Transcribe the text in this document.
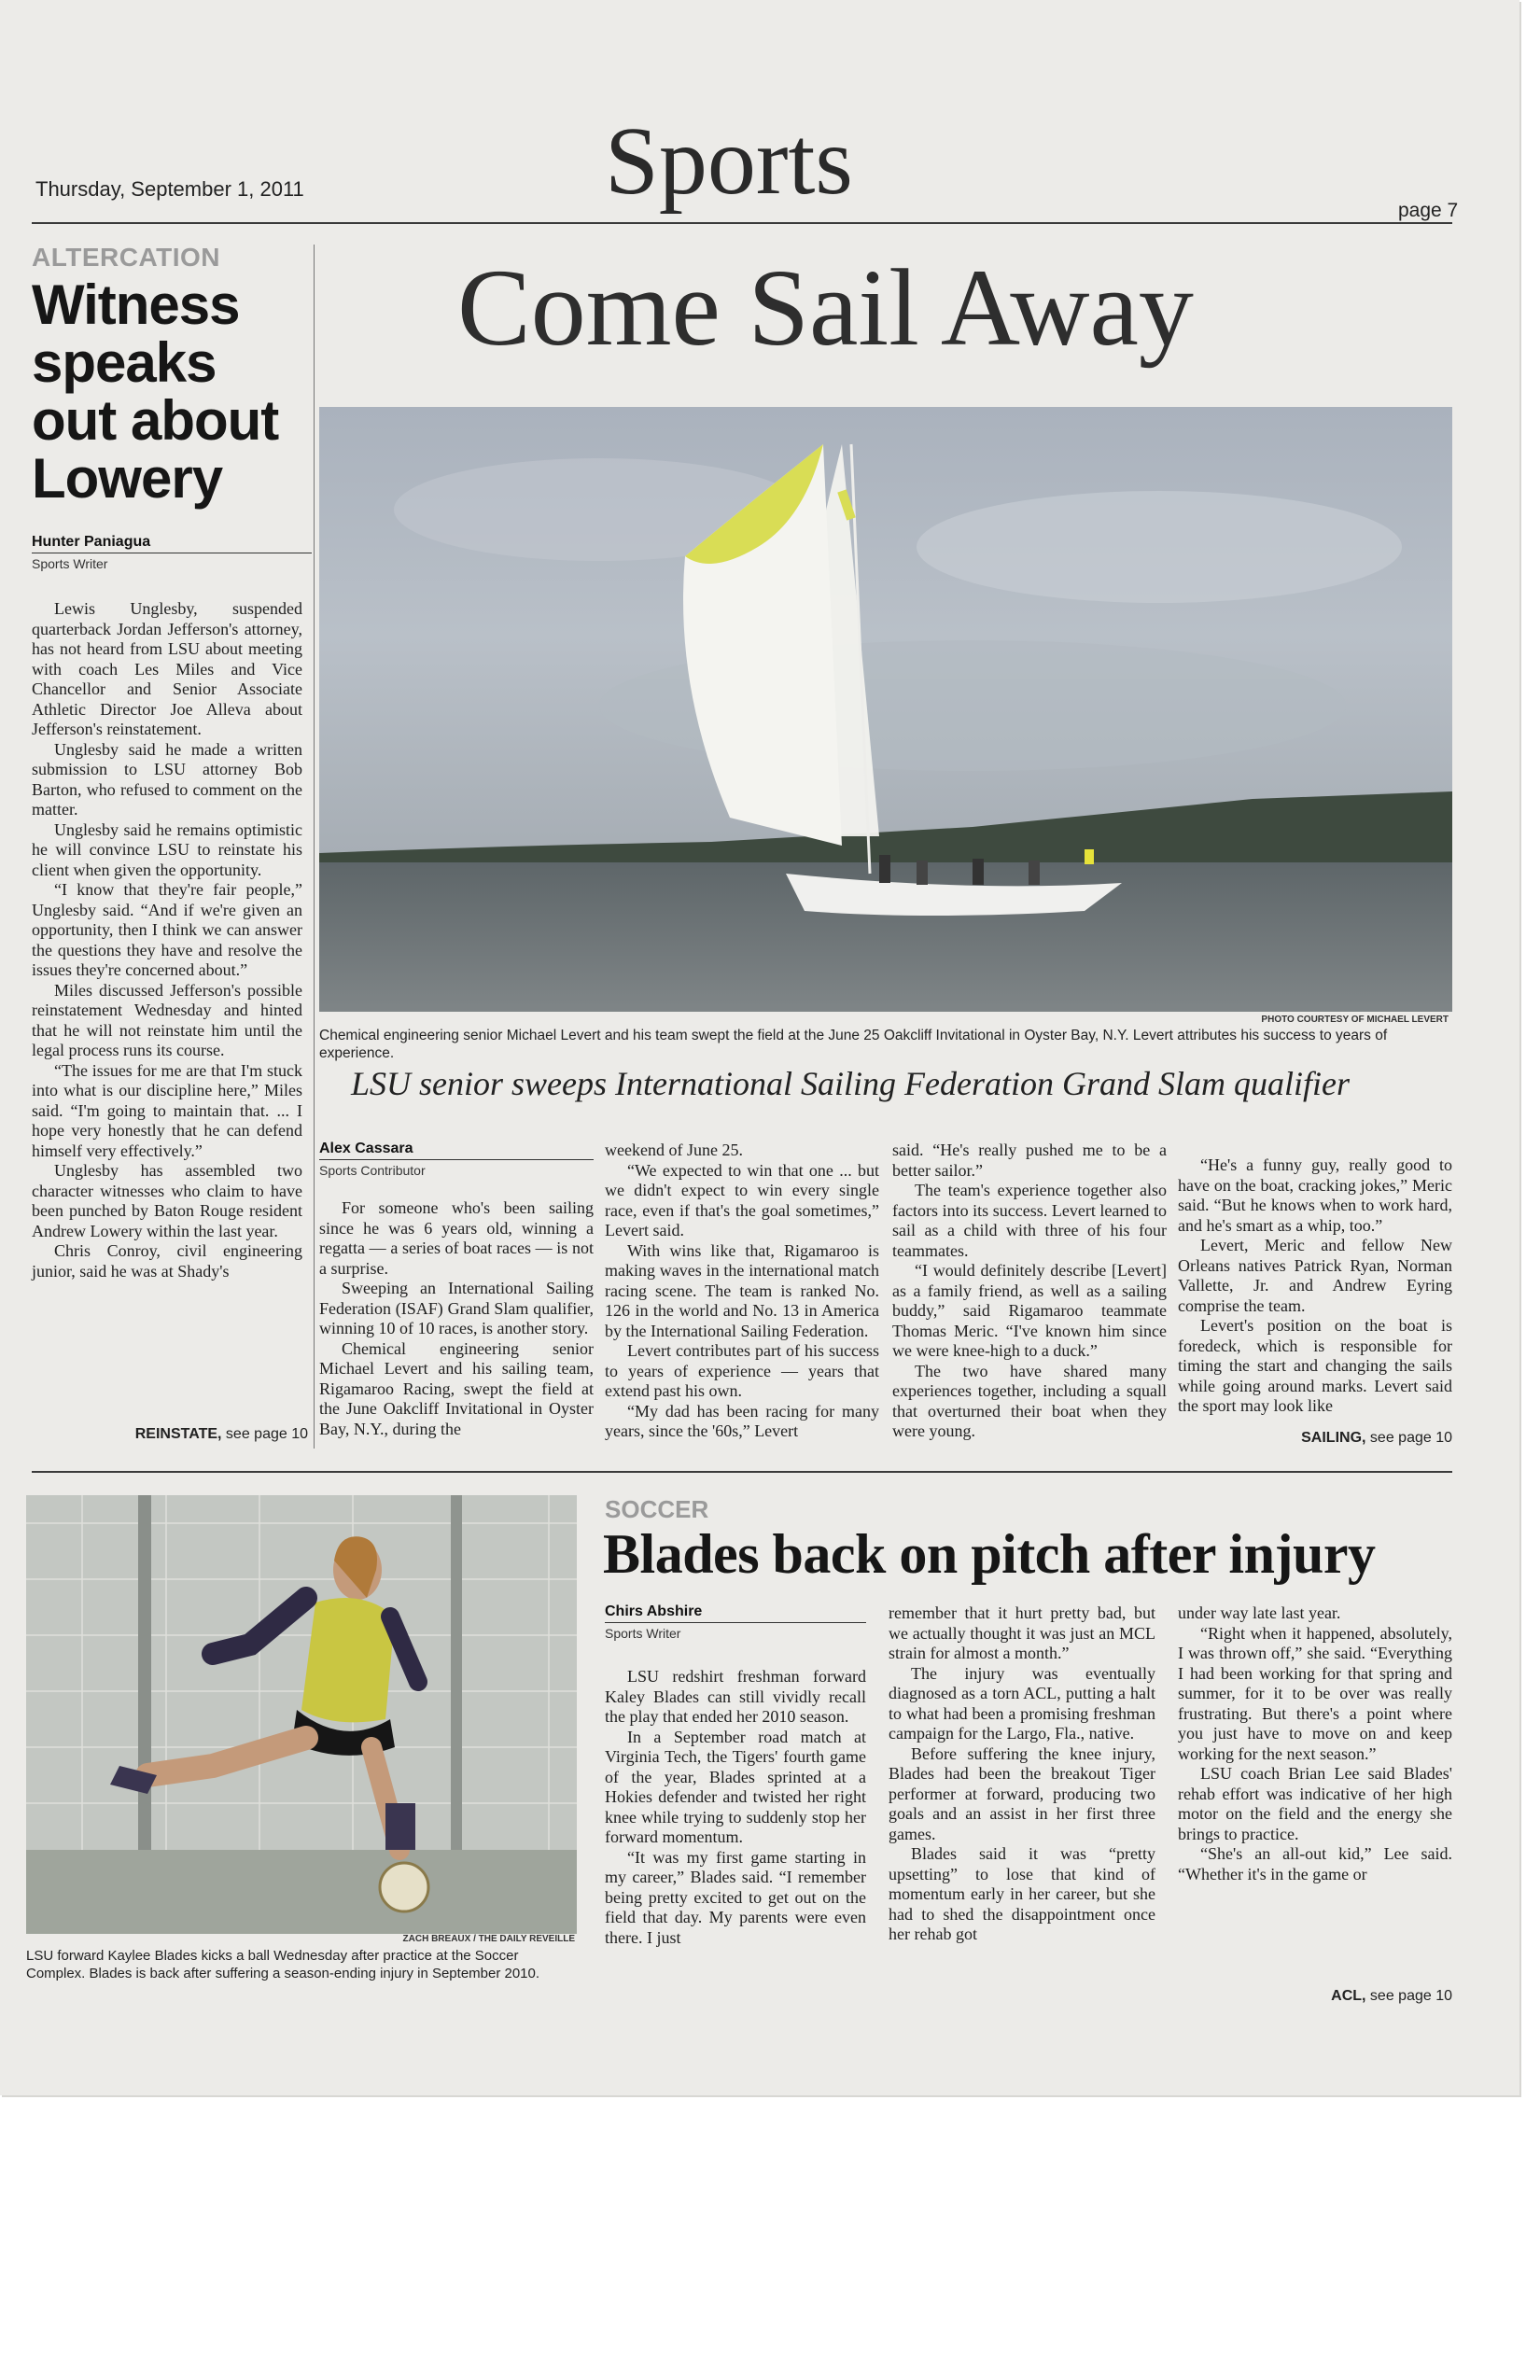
Thursday, September 1, 2011	Sports	page 7
ALTERCATION
Witness
speaks
out about
Lowery
Hunter Paniagua
Sports Writer

Lewis Unglesby, suspended quarterback Jordan Jefferson's attorney, has not heard from LSU about meeting with coach Les Miles and Vice Chancellor and Senior Associate Athletic Director Joe Alleva about Jefferson's reinstatement.

Unglesby said he made a written submission to LSU attorney Bob Barton, who refused to comment on the matter.

Unglesby said he remains optimistic he will convince LSU to reinstate his client when given the opportunity.

“I know that they're fair people,” Unglesby said. “And if we're given an opportunity, then I think we can answer the questions they have and resolve the issues they're concerned about.”

Miles discussed Jefferson's possible reinstatement Wednesday and hinted that he will not reinstate him until the legal process runs its course.

“The issues for me are that I'm stuck into what is our discipline here,” Miles said. “I'm going to maintain that. ... I hope very honestly that he can defend himself very effectively.”

Unglesby has assembled two character witnesses who claim to have been punched by Baton Rouge resident Andrew Lowery within the last year.

Chris Conroy, civil engineering junior, said he was at Shady's

REINSTATE, see page 10
Come Sail Away
PHOTO COURTESY OF MICHAEL LEVERT
Chemical engineering senior Michael Levert and his team swept the field at the June 25 Oakcliff Invitational in Oyster Bay, N.Y. Levert attributes his success to years of experience.
LSU senior sweeps International Sailing Federation Grand Slam qualifier
Alex Cassara
Sports Contributor

For someone who's been sailing since he was 6 years old, winning a regatta — a series of boat races — is not a surprise.

Sweeping an International Sailing Federation (ISAF) Grand Slam qualifier, winning 10 of 10 races, is another story.

Chemical engineering senior Michael Levert and his sailing team, Rigamaroo Racing, swept the field at the June Oakcliff Invitational in Oyster Bay, N.Y., during the

weekend of June 25.

“We expected to win that one ... but we didn't expect to win every single race, even if that's the goal sometimes,” Levert said.

With wins like that, Rigamaroo is making waves in the international match racing scene. The team is ranked No. 126 in the world and No. 13 in America by the International Sailing Federation.

Levert contributes part of his success to years of experience — years that extend past his own.

“My dad has been racing for many years, since the '60s,” Levert

said. “He's really pushed me to be a better sailor.”

The team's experience together also factors into its success. Levert learned to sail as a child with three of his four teammates.

“I would definitely describe [Levert] as a family friend, as well as a sailing buddy,” said Rigamaroo teammate Thomas Meric. “I've known him since we were knee-high to a duck.”

The two have shared many experiences together, including a squall that overturned their boat when they were young.

“He's a funny guy, really good to have on the boat, cracking jokes,” Meric said. “But he knows when to work hard, and he's smart as a whip, too.”

Levert, Meric and fellow New Orleans natives Patrick Ryan, Norman Vallette, Jr. and Andrew Eyring comprise the team.

Levert's position on the boat is foredeck, which is responsible for timing the start and changing the sails while going around marks. Levert said the sport may look like

SAILING, see page 10
ZACH BREAUX / THE DAILY REVEILLE
LSU forward Kaylee Blades kicks a ball Wednesday after practice at the Soccer Complex. Blades is back after suffering a season-ending injury in September 2010.
SOCCER
Blades back on pitch after injury
Chirs Abshire
Sports Writer

LSU redshirt freshman forward Kaley Blades can still vividly recall the play that ended her 2010 season.

In a September road match at Virginia Tech, the Tigers' fourth game of the year, Blades sprinted at a Hokies defender and twisted her right knee while trying to suddenly stop her forward momentum.

“It was my first game starting in my career,” Blades said. “I remember being pretty excited to get out on the field that day. My parents were even there. I just

remember that it hurt pretty bad, but we actually thought it was just an MCL strain for almost a month.”

The injury was eventually diagnosed as a torn ACL, putting a halt to what had been a promising freshman campaign for the Largo, Fla., native.

Before suffering the knee injury, Blades had been the breakout Tiger performer at forward, producing two goals and an assist in her first three games.

Blades said it was “pretty upsetting” to lose that kind of momentum early in her career, but she had to shed the disappointment once her rehab got

under way late last year.

“Right when it happened, absolutely, I was thrown off,” she said. “Everything I had been working for that spring and summer, for it to be over was really frustrating. But there's a point where you just have to move on and keep working for the next season.”

LSU coach Brian Lee said Blades' rehab effort was indicative of her high motor on the field and the energy she brings to practice.

“She's an all-out kid,” Lee said. “Whether it's in the game or

ACL, see page 10
